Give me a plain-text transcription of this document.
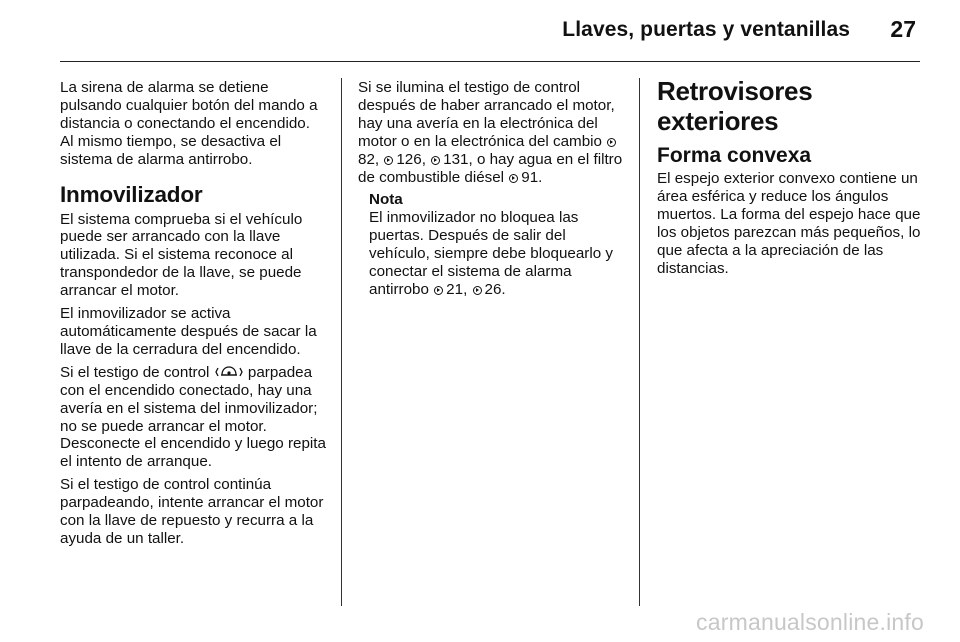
Llaves, puertas y ventanillas 27

La sirena de alarma se detiene pulsando cualquier botón del mando a distancia o conectando el encendido. Al mismo tiempo, se desactiva el sistema de alarma antirrobo.

Inmovilizador

El sistema comprueba si el vehículo puede ser arrancado con la llave utilizada. Si el sistema reconoce al transpondedor de la llave, se puede arrancar el motor.

El inmovilizador se activa automáticamente después de sacar la llave de la cerradura del encendido.

Si el testigo de control  parpadea con el encendido conectado, hay una avería en el sistema del inmovilizador; no se puede arrancar el motor. Desconecte el encendido y luego repita el intento de arranque.

Si el testigo de control continúa parpadeando, intente arrancar el motor con la llave de repuesto y recurra a la ayuda de un taller.

Si se ilumina el testigo de control después de haber arrancado el motor, hay una avería en la electrónica del motor o en la electrónica del cambio 82, 126, 131, o hay agua en el filtro de combustible diésel 91.

Nota
El inmovilizador no bloquea las puertas. Después de salir del vehículo, siempre debe bloquearlo y conectar el sistema de alarma antirrobo 21, 26.
Retrovisores exteriores
Forma convexa

El espejo exterior convexo contiene un área esférica y reduce los ángulos muertos. La forma del espejo hace que los objetos parezcan más pequeños, lo que afecta a la apreciación de las distancias.

carmanualsonline.info
